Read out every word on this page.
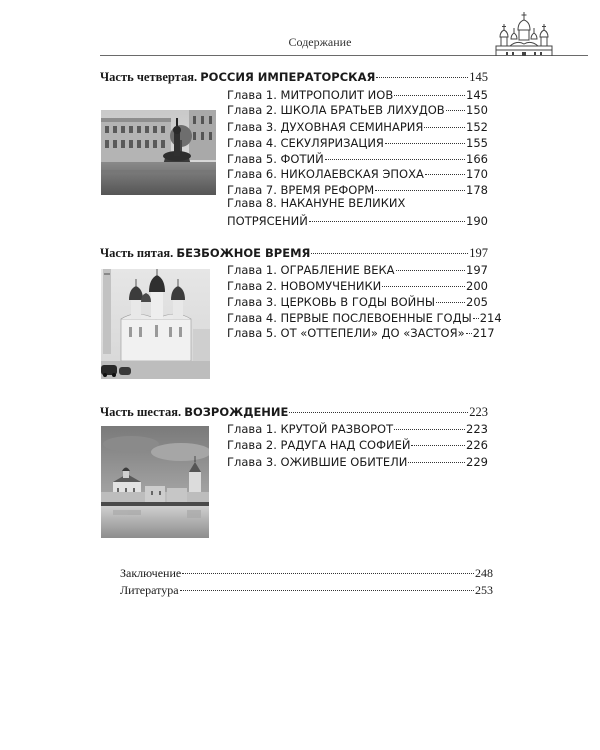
Содержание
Часть четвертая. РОССИЯ ИМПЕРАТОРСКАЯ	145
Глава 1. МИТРОПОЛИТ ИОВ	145
Глава 2. ШКОЛА БРАТЬЕВ ЛИХУДОВ 150
Глава 3. ДУХОВНАЯ СЕМИНАРИЯ	152
Глава 4. СЕКУЛЯРИЗАЦИЯ	155
Глава 5. ФОТИЙ	166
Глава 6. НИКОЛАЕВСКАЯ ЭПОХА	170
Глава 7. ВРЕМЯ РЕФОРМ	178
Глава 8. НАКАНУНЕ ВЕЛИКИХ
ПОТРЯСЕНИЙ	190
Часть пятая. БЕЗБОЖНОЕ ВРЕМЯ	197
Глава 1. ОГРАБЛЕНИЕ ВЕКА	197
Глава 2. НОВОМУЧЕНИКИ	200
Глава 3. ЦЕРКОВЬ В ГОДЫ ВОЙНЫ	205
Глава 4. ПЕРВЫЕ ПОСЛЕВОЕННЫЕ ГОДЫ 214
Глава 5. ОТ «ОТТЕПЕЛИ» ДО «ЗАСТОЯ» 217
Часть шестая. ВОЗРОЖДЕНИЕ	223
Глава 1. КРУТОЙ РАЗВОРОТ	223
Глава 2. РАДУГА НАД СОФИЕЙ	226
Глава 3. ОЖИВШИЕ ОБИТЕЛИ	229
Заключение	248
Литература	253
